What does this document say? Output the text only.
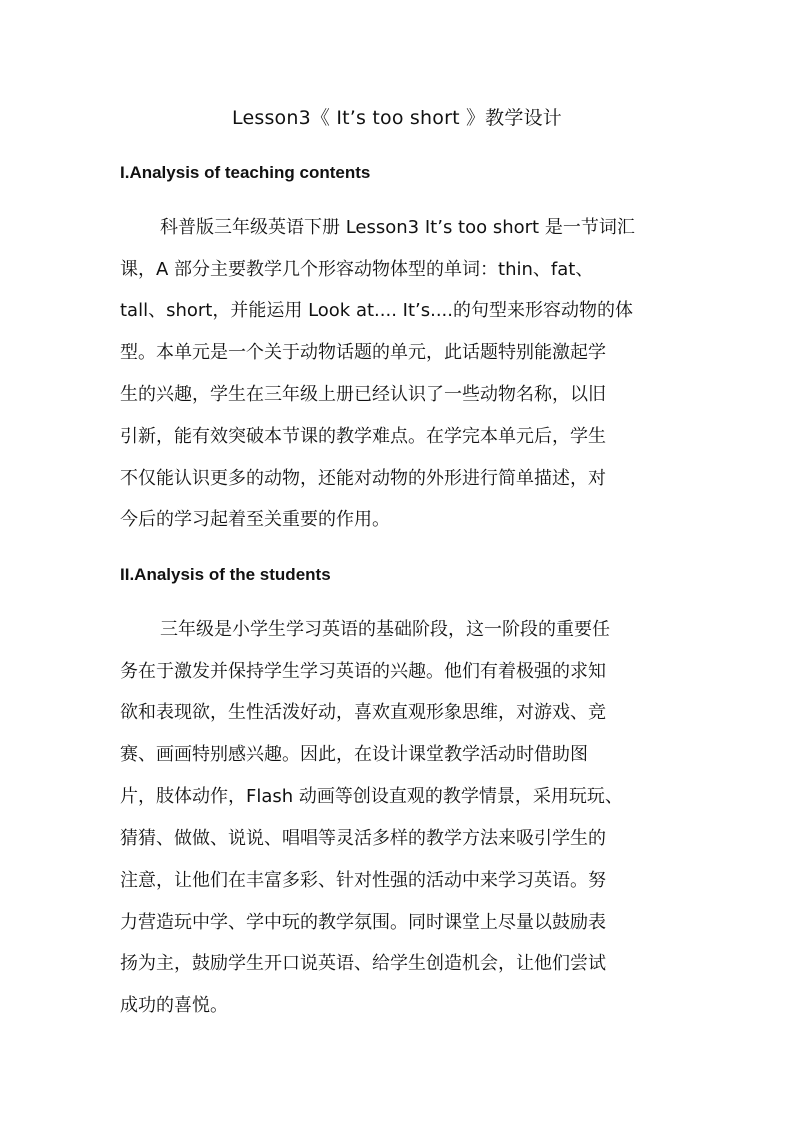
Lesson3《 It’s too short 》教学设计
I.Analysis of teaching contents
科普版三年级英语下册 Lesson3 It’s too short 是一节词汇
课，A 部分主要教学几个形容动物体型的单词：thin、fat、
tall、short，并能运用 Look at.... It’s....的句型来形容动物的体
型。本单元是一个关于动物话题的单元，此话题特别能激起学
生的兴趣，学生在三年级上册已经认识了一些动物名称，以旧
引新，能有效突破本节课的教学难点。在学完本单元后，学生
不仅能认识更多的动物，还能对动物的外形进行简单描述，对
今后的学习起着至关重要的作用。
II.Analysis of the students
三年级是小学生学习英语的基础阶段，这一阶段的重要任
务在于激发并保持学生学习英语的兴趣。他们有着极强的求知
欲和表现欲，生性活泼好动，喜欢直观形象思维，对游戏、竞
赛、画画特别感兴趣。因此，在设计课堂教学活动时借助图
片，肢体动作，Flash 动画等创设直观的教学情景，采用玩玩、
猜猜、做做、说说、唱唱等灵活多样的教学方法来吸引学生的
注意，让他们在丰富多彩、针对性强的活动中来学习英语。努
力营造玩中学、学中玩的教学氛围。同时课堂上尽量以鼓励表
扬为主，鼓励学生开口说英语、给学生创造机会，让他们尝试
成功的喜悦。
